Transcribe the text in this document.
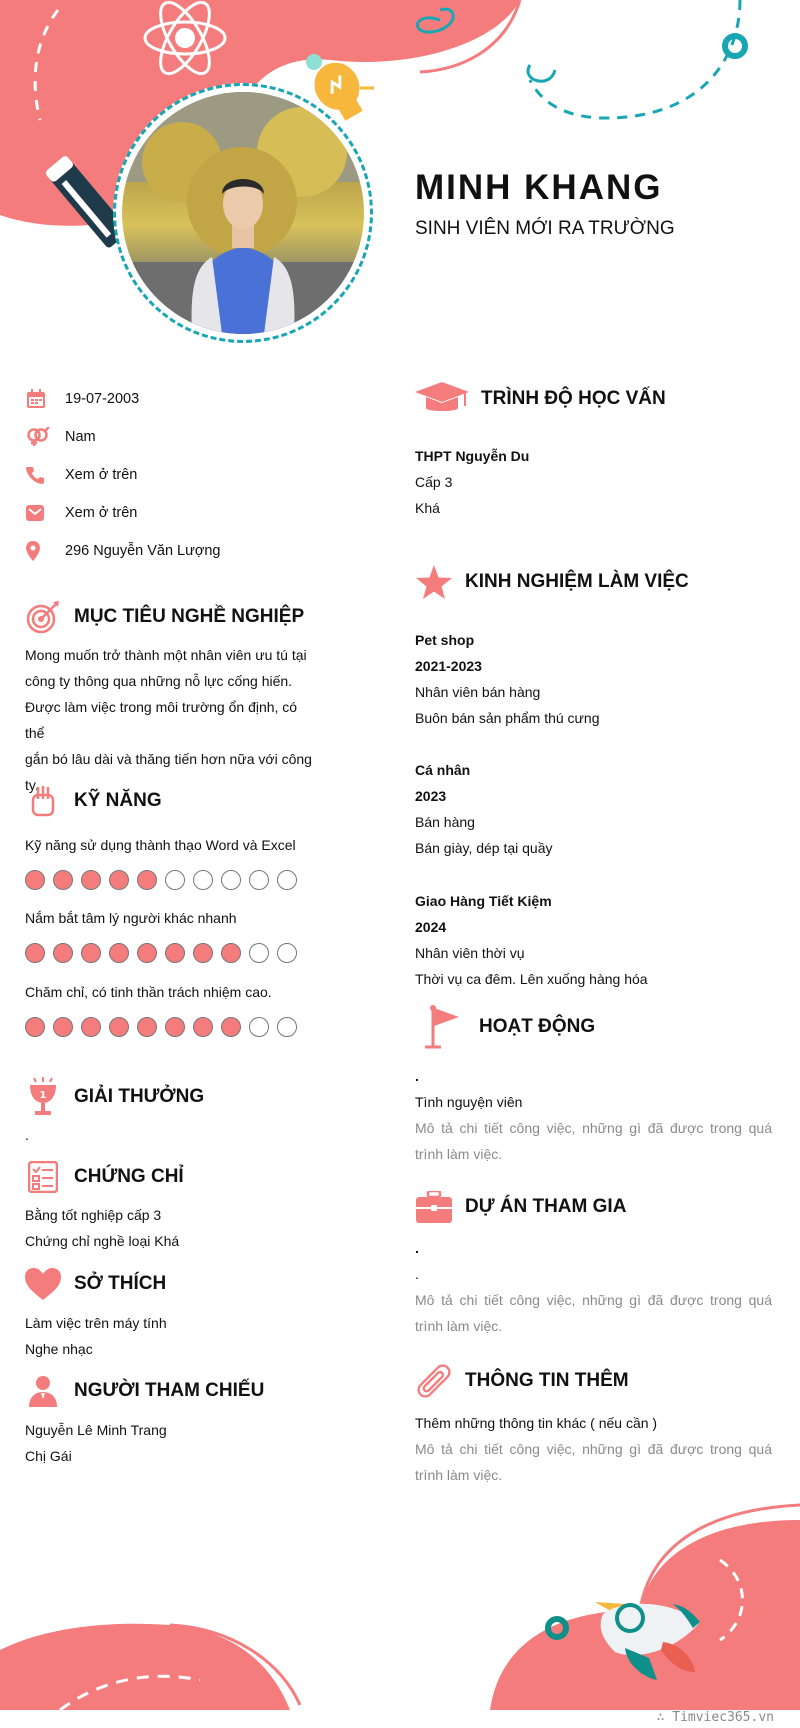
MINH KHANG
SINH VIÊN MỚI RA TRƯỜNG
19-07-2003
Nam
Xem ở trên
Xem ở trên
296 Nguyễn Văn Lượng
MỤC TIÊU NGHỀ NGHIỆP

Mong muốn trở thành một nhân viên ưu tú tại

công ty thông qua những nỗ lực cống hiến.

Được làm việc trong môi trường ổn định, có thể

gắn bó lâu dài và thăng tiến hơn nữa với công

ty.

KỸ NĂNG
Kỹ năng sử dụng thành thạo Word và Excel
Nắm bắt tâm lý người khác nhanh
Chăm chỉ, có tinh thần trách nhiệm cao.
1 GIẢI THƯỞNG
.
CHỨNG CHỈ

Bằng tốt nghiệp cấp 3

Chứng chỉ nghề loại Khá

SỞ THÍCH

Làm việc trên máy tính

Nghe nhạc

NGƯỜI THAM CHIẾU

Nguyễn Lê Minh Trang

Chị Gái

TRÌNH ĐỘ HỌC VẤN

THPT Nguyễn Du

Cấp 3

Khá

KINH NGHIỆM LÀM VIỆC

Pet shop

2021-2023

Nhân viên bán hàng

Buôn bán sản phẩm thú cưng

Cá nhân

2023

Bán hàng

Bán giày, dép tại quầy

Giao Hàng Tiết Kiệm

2024

Nhân viên thời vụ

Thời vụ ca đêm. Lên xuống hàng hóa

HOẠT ĐỘNG

.

Tình nguyện viên

Mô tả chi tiết công việc, những gì đã được trong quá trình làm việc.

DỰ ÁN THAM GIA

.

.

Mô tả chi tiết công việc, những gì đã được trong quá trình làm việc.

THÔNG TIN THÊM

Thêm những thông tin khác ( nếu cần )

Mô tả chi tiết công việc, những gì đã được trong quá trình làm việc.

∴ Timviec365.vn
